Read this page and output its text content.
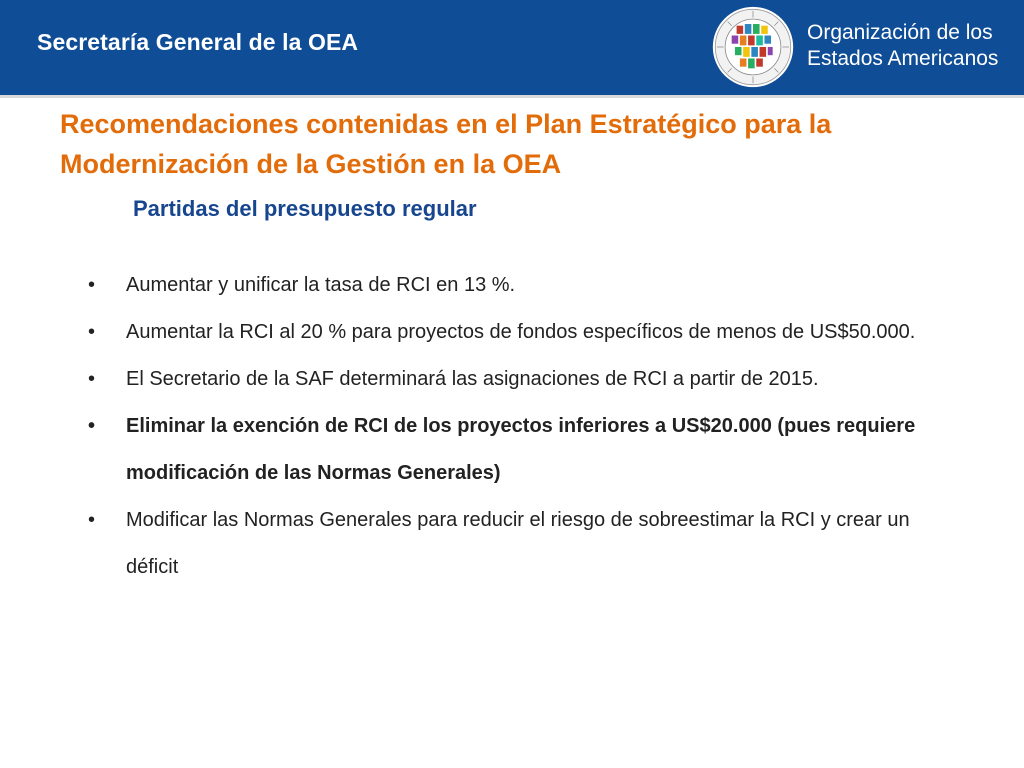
Secretaría General de la OEA	Organización de los
Estados Americanos
Recomendaciones contenidas en el Plan Estratégico para la Modernización de la Gestión en la OEA
Partidas del presupuesto regular
• Aumentar y unificar la tasa de RCI en 13 %.
• Aumentar la RCI al 20 % para proyectos de fondos específicos de menos de US$50.000.
• El Secretario de la SAF determinará las asignaciones de RCI a partir de 2015.
• Eliminar la exención de RCI de los proyectos inferiores a US$20.000 (pues requiere modificación de las Normas Generales)
• Modificar las Normas Generales para reducir el riesgo de sobreestimar la RCI y crear un déficit
